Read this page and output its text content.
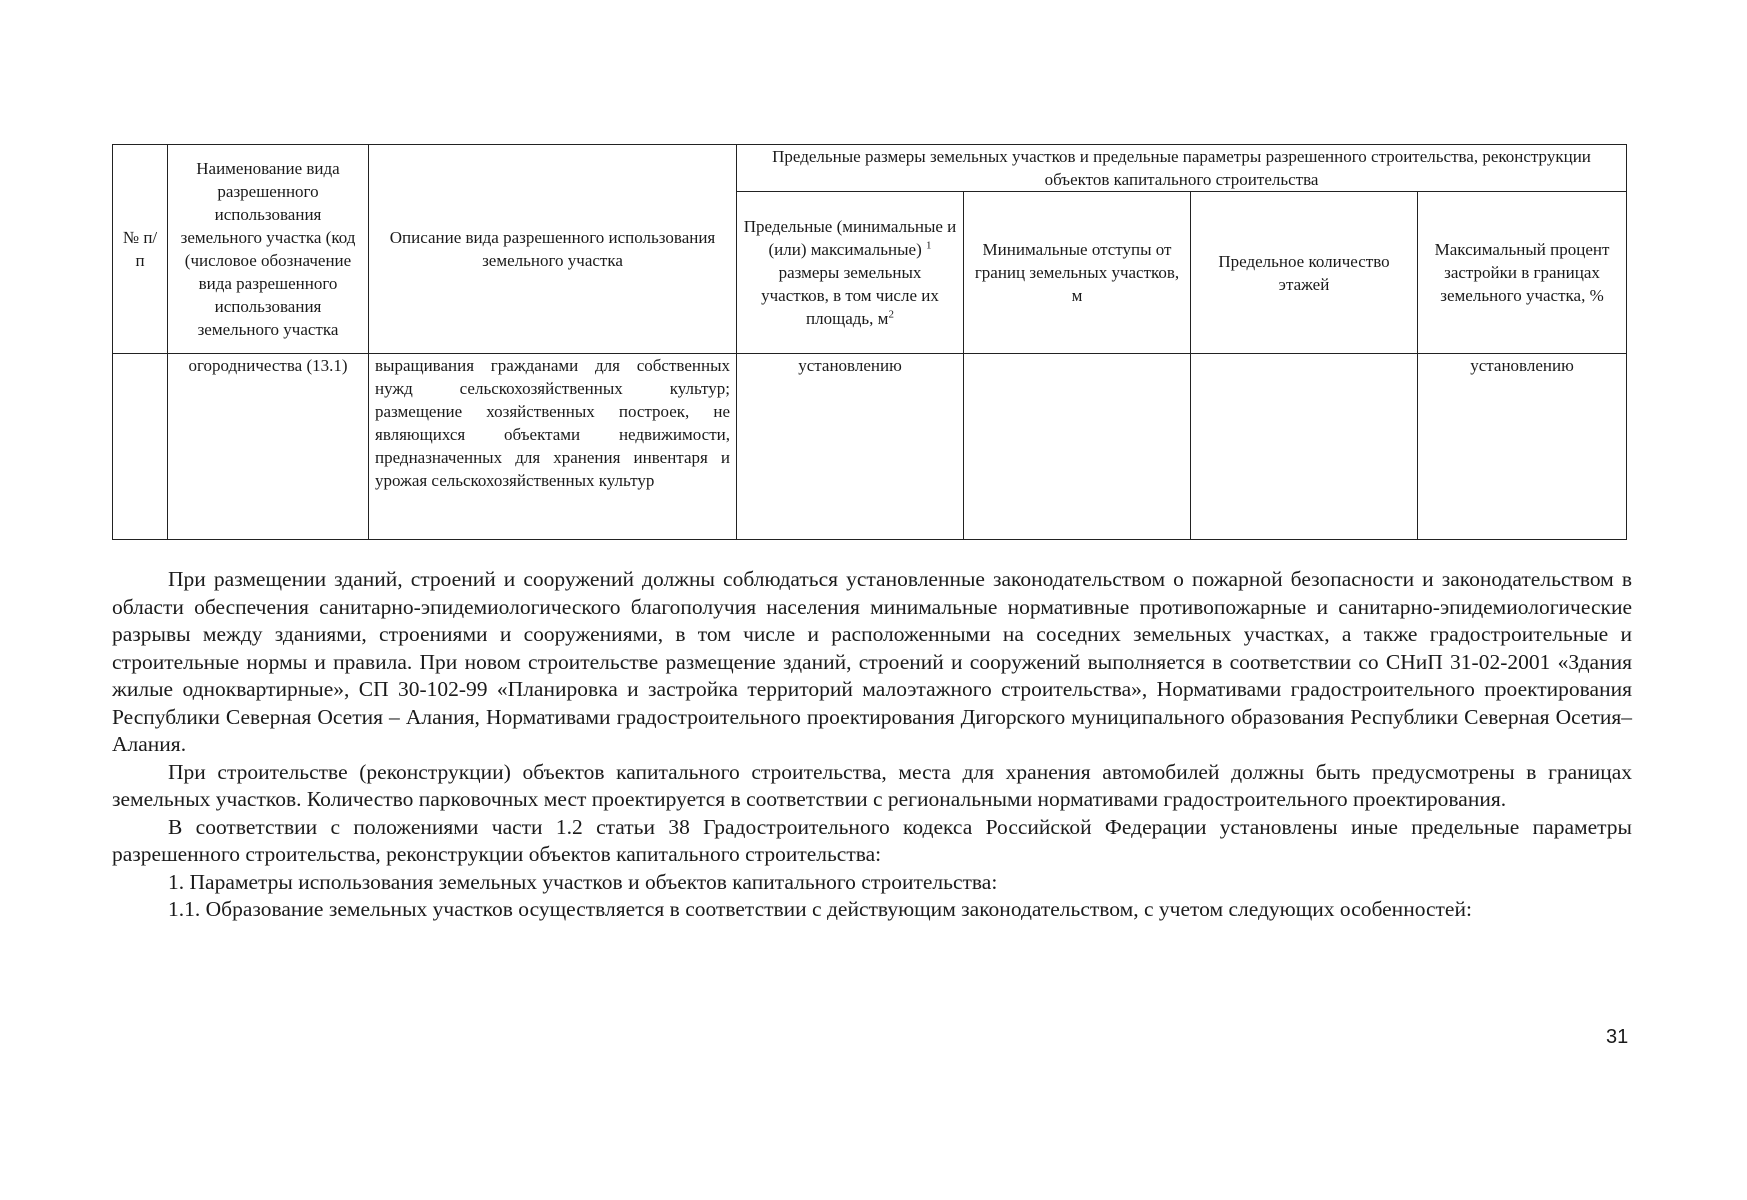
№ п/п	Наименование вида разрешенного использования земельного участка (код (числовое обозначение вида разрешенного использования земельного участка	Описание вида разрешенного использования земельного участка	Предельные размеры земельных участков и предельные параметры разрешенного строительства, реконструкции объектов капитального строительства			
			Предельные (минимальные и (или) максимальные) $^1$ размеры земельных участков, в том числе их площадь, $м^2$	Минимальные отступы от границ земельных участков, м	Предельное количество этажей	Максимальный процент застройки в границах земельного участка, %
	огородничества (13.1)	выращивания гражданами для собственных нужд сельскохозяйственных культур; размещение хозяйственных построек, не являющихся объектами недвижимости, предназначенных для хранения инвентаря и урожая сельскохозяйственных культур	установлению			установлению

При размещении зданий, строений и сооружений должны соблюдаться установленные законодательством о пожарной безопасности и законодательством в области обеспечения санитарно-эпидемиологического благополучия населения минимальные нормативные противопожарные и санитарно-эпидемиологические разрывы между зданиями, строениями и сооружениями, в том числе и расположенными на соседних земельных участках, а также градостроительные и строительные нормы и правила. При новом строительстве размещение зданий, строений и сооружений выполняется в соответствии со СНиП 31-02-2001 «Здания жилые одноквартирные», СП 30-102-99 «Планировка и застройка территорий малоэтажного строительства», Нормативами градостроительного проектирования Республики Северная Осетия – Алания, Нормативами градостроительного проектирования Дигорского муниципального образования Республики Северная Осетия–Алания.

При строительстве (реконструкции) объектов капитального строительства, места для хранения автомобилей должны быть предусмотрены в границах земельных участков. Количество парковочных мест проектируется в соответствии с региональными нормативами градостроительного проектирования.

В соответствии с положениями части 1.2 статьи 38 Градостроительного кодекса Российской Федерации установлены иные предельные параметры разрешенного строительства, реконструкции объектов капитального строительства:

1. Параметры использования земельных участков и объектов капитального строительства:

1.1. Образование земельных участков осуществляется в соответствии с действующим законодательством, с учетом следующих особенностей:

31
